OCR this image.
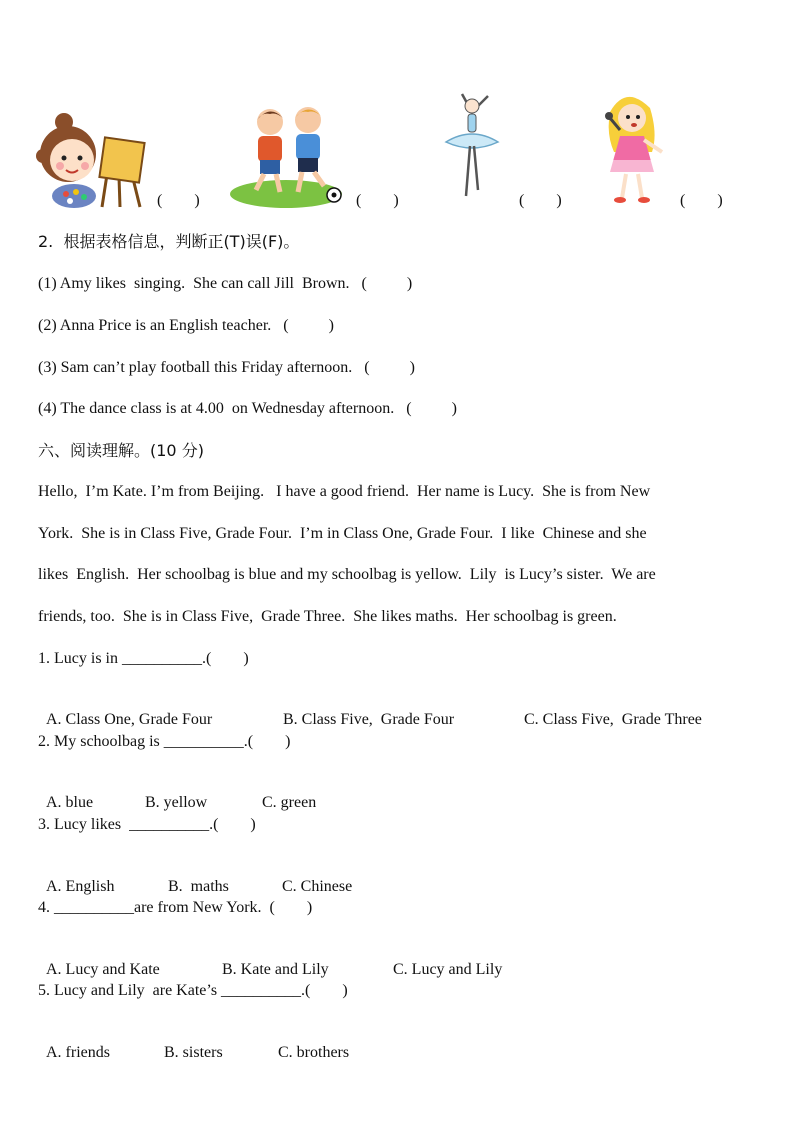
(        )	(        )	(        )	(        )
2.  根据表格信息，判断正(T)误(F)。
(1) Amy likes  singing.  She can call Jill  Brown.   (          )
(2) Anna Price is an English teacher.   (          )
(3) Sam can’t play football this Friday afternoon.   (          )
(4) The dance class is at 4.00  on Wednesday afternoon.   (          )
六、阅读理解。(10 分)
Hello,  I’m Kate. I’m from Beijing.   I have a good friend.  Her name is Lucy.  She is from New
York.  She is in Class Five, Grade Four.  I’m in Class One, Grade Four.  I like  Chinese and she
likes  English.  Her schoolbag is blue and my schoolbag is yellow.  Lily  is Lucy’s sister.  We are
friends, too.  She is in Class Five,  Grade Three.  She likes maths.  Her schoolbag is green.
1. Lucy is in __________.(        )

A. Class One, Grade Four	B. Class Five,  Grade Four	C. Class Five,  Grade Three

2. My schoolbag is __________.(        )

A. blue	B. yellow	C. green

3. Lucy likes  __________.(        )

A. English	B.  maths	C. Chinese

4. __________are from New York.  (        )

A. Lucy and Kate	B. Kate and Lily	C. Lucy and Lily

5. Lucy and Lily  are Kate’s __________.(        )

A. friends	B. sisters	C. brothers
